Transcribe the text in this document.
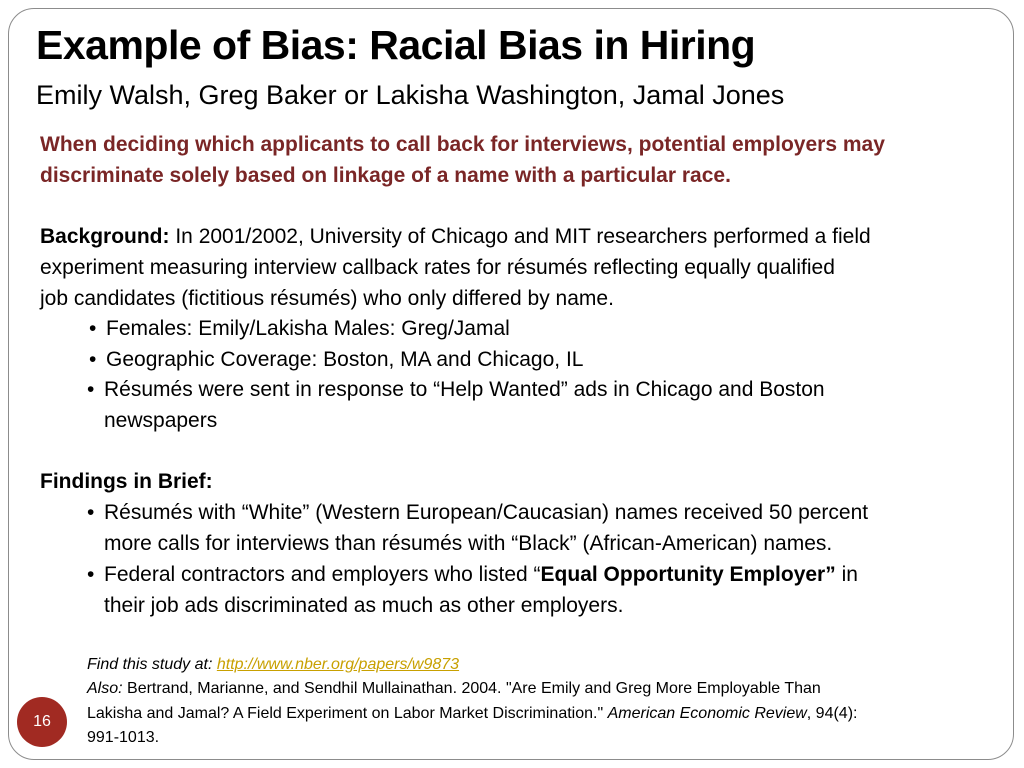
Example of Bias: Racial Bias in Hiring
Emily Walsh, Greg Baker or Lakisha Washington, Jamal Jones
When deciding which applicants to call back for interviews, potential employers may discriminate solely based on linkage of a name with a particular race.
Background: In 2001/2002, University of Chicago and MIT researchers performed a field
experiment measuring interview callback rates for résumés reflecting equally qualified
job candidates (fictitious résumés) who only differed by name.
• Females: Emily/Lakisha Males: Greg/Jamal
• Geographic Coverage: Boston, MA and Chicago, IL
• Résumés were sent in response to “Help Wanted” ads in Chicago and Boston
newspapers
Findings in Brief:
• Résumés with “White” (Western European/Caucasian) names received 50 percent
more calls for interviews than résumés with “Black” (African-American) names.
• Federal contractors and employers who listed “Equal Opportunity Employer” in
their job ads discriminated as much as other employers.
Find this study at: http://www.nber.org/papers/w9873
Also: Bertrand, Marianne, and Sendhil Mullainathan. 2004. "Are Emily and Greg More Employable Than
Lakisha and Jamal? A Field Experiment on Labor Market Discrimination." American Economic Review, 94(4):
991-1013.
16
